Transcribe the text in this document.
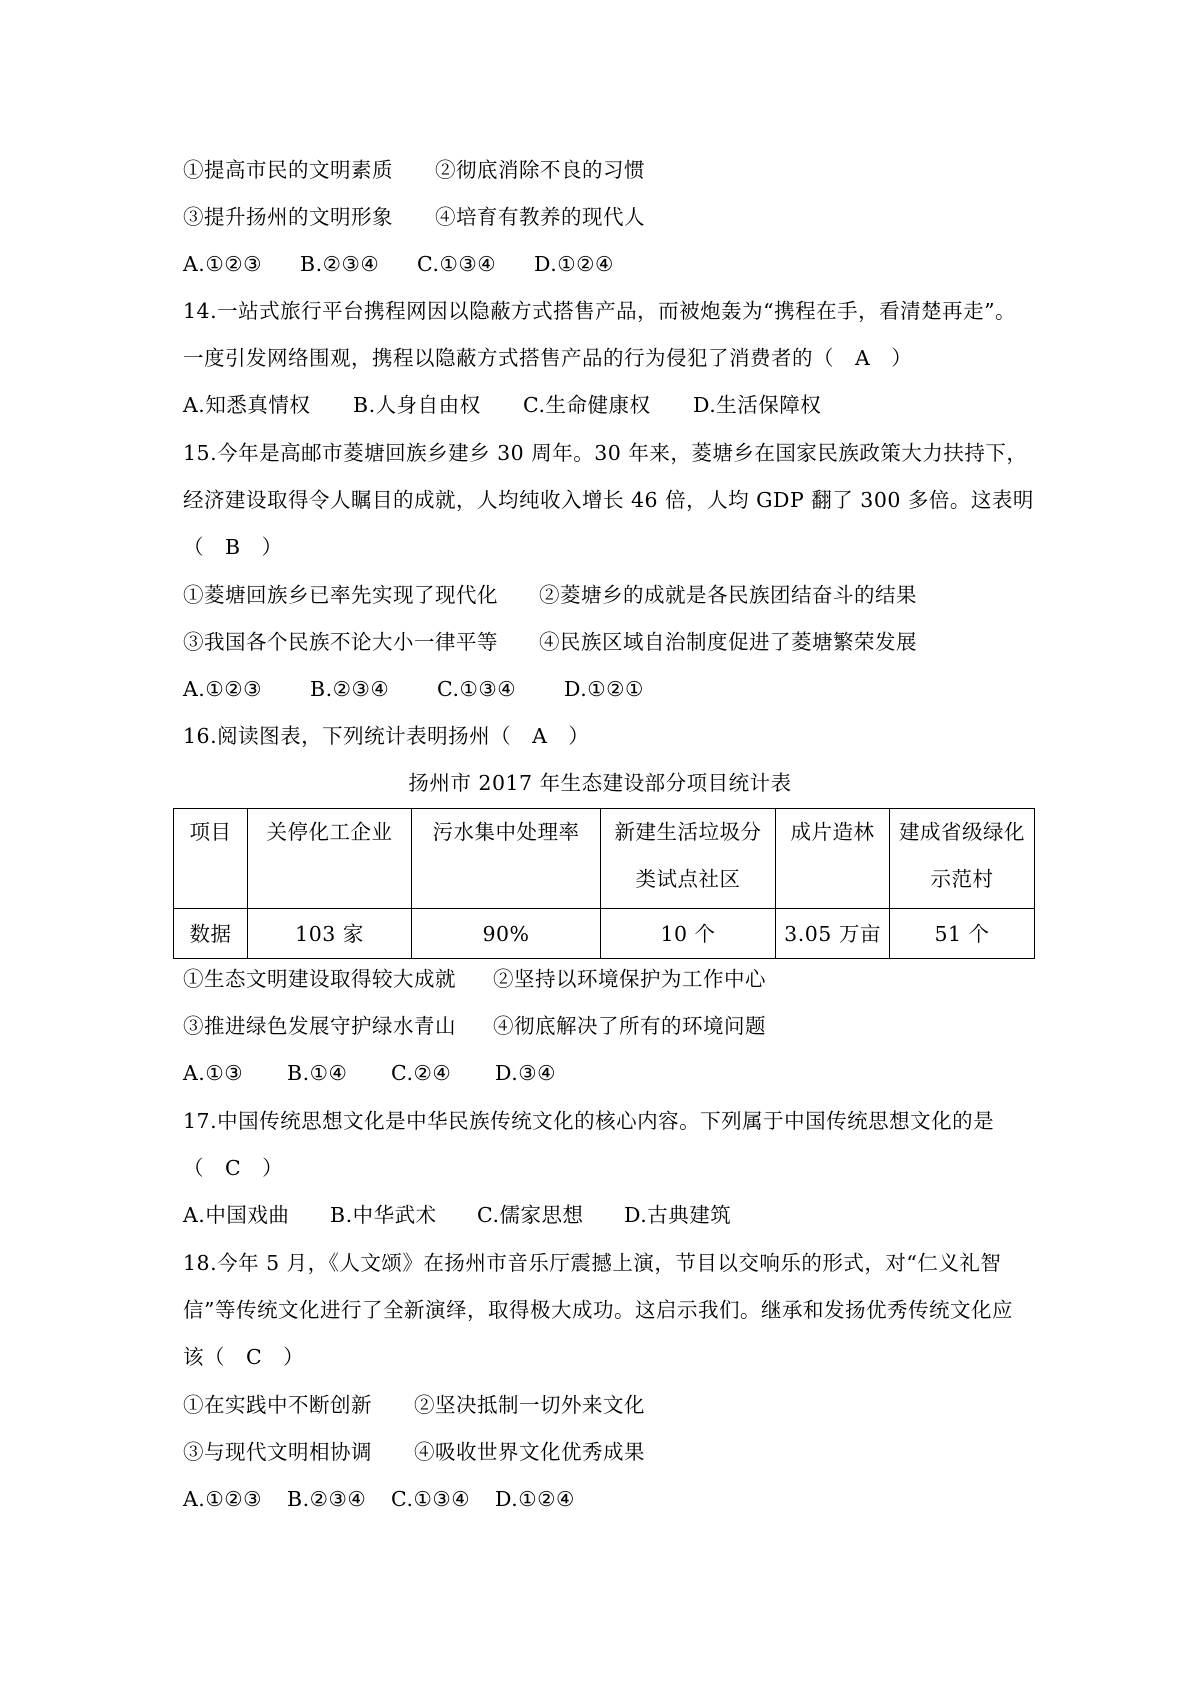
①提高市民的文明素质　　 ②彻底消除不良的习惯
③提升扬州的文明形象　　 ④培育有教养的现代人
A.①②③ B.②③④ C.①③④ D.①②④
14.一站式旅行平台携程网因以隐蔽方式搭售产品，而被炮轰为“携程在手，看清楚再走”。
一度引发网络围观，携程以隐蔽方式搭售产品的行为侵犯了消费者的（　A　）
A.知悉真情权 B.人身自由权 C.生命健康权 D.生活保障权
15.今年是高邮市菱塘回族乡建乡 30 周年。30 年来，菱塘乡在国家民族政策大力扶持下，
经济建设取得令人瞩目的成就，人均纯收入增长 46 倍，人均 GDP 翻了 300 多倍。这表明
（　B　）
①菱塘回族乡已率先实现了现代化 ②菱塘乡的成就是各民族团结奋斗的结果
③我国各个民族不论大小一律平等 ④民族区域自治制度促进了菱塘繁荣发展
A.①②③ B.②③④ C.①③④ D.①②①
16.阅读图表，下列统计表明扬州（　A　）
扬州市 2017 年生态建设部分项目统计表
项目	关停化工企业	污水集中处理率	新建生活垃圾分类试点社区	成片造林	建成省级绿化示范村
数据	103 家	90%	10 个	3.05 万亩	51 个
①生态文明建设取得较大成就 ②坚持以环境保护为工作中心
③推进绿色发展守护绿水青山 ④彻底解决了所有的环境问题
A.①③ B.①④ C.②④ D.③④
17.中国传统思想文化是中华民族传统文化的核心内容。下列属于中国传统思想文化的是
（　C　）
A.中国戏曲 B.中华武术 C.儒家思想 D.古典建筑
18.今年 5 月，《人文颂》在扬州市音乐厅震撼上演，节目以交响乐的形式，对“仁义礼智
信”等传统文化进行了全新演绎，取得极大成功。这启示我们。继承和发扬优秀传统文化应
该（　C　）
①在实践中不断创新 ②坚决抵制一切外来文化
③与现代文明相协调 ④吸收世界文化优秀成果
A.①②③ B.②③④ C.①③④ D.①②④
